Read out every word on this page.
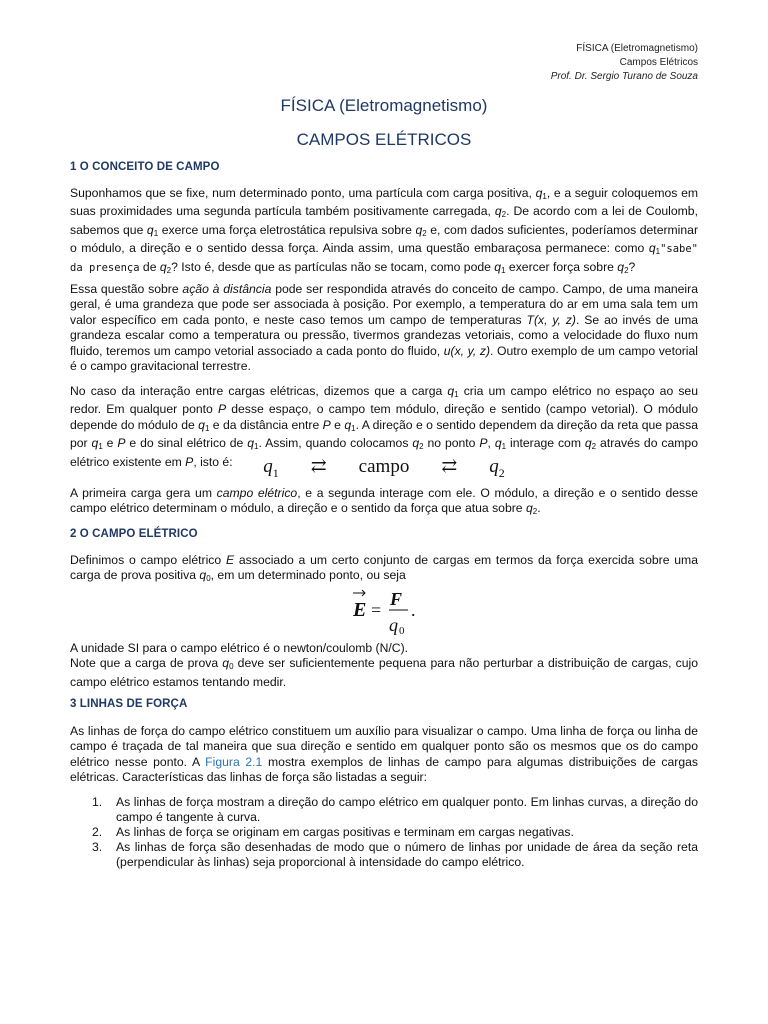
FÍSICA (Eletromagnetismo)
Campos Elétricos
Prof. Dr. Sergio Turano de Souza
FÍSICA (Eletromagnetismo)
CAMPOS ELÉTRICOS
1 O CONCEITO DE CAMPO
Suponhamos que se fixe, num determinado ponto, uma partícula com carga positiva, $q_1$, e a seguir coloquemos em suas proximidades uma segunda partícula também positivamente carregada, $q_2$. De acordo com a lei de Coulomb, sabemos que $q_1$ exerce uma força eletrostática repulsiva sobre $q_2$ e, com dados suficientes, poderíamos determinar o módulo, a direção e o sentido dessa força. Ainda assim, uma questão embaraçosa permanece: como $q_1"sabe$" da presença de $q_2$? Isto é, desde que as partículas não se tocam, como pode $q_1$ exercer força sobre $q_2$?
Essa questão sobre ação à distância pode ser respondida através do conceito de campo. Campo, de uma maneira geral, é uma grandeza que pode ser associada à posição. Por exemplo, a temperatura do ar em uma sala tem um valor específico em cada ponto, e neste caso temos um campo de temperaturas T(x, y, z). Se ao invés de uma grandeza escalar como a temperatura ou pressão, tivermos grandezas vetoriais, como a velocidade do fluxo num fluido, teremos um campo vetorial associado a cada ponto do fluido, u(x, y, z). Outro exemplo de um campo vetorial é o campo gravitacional terrestre.
No caso da interação entre cargas elétricas, dizemos que a carga $q_1$ cria um campo elétrico no espaço ao seu redor. Em qualquer ponto P desse espaço, o campo tem módulo, direção e sentido (campo vetorial). O módulo depende do módulo de $q_1$ e da distância entre P e $q_1$. A direção e o sentido dependem da direção da reta que passa por $q_1$ e P e do sinal elétrico de $q_1$. Assim, quando colocamos $q_2$ no ponto P, $q_1$ interage com $q_2$ através do campo elétrico existente em P, isto é:	$q_1$ ⇄ campo ⇄ $q_2$
A primeira carga gera um campo elétrico, e a segunda interage com ele. O módulo, a direção e o sentido desse campo elétrico determinam o módulo, a direção e o sentido da força que atua sobre $q_2$.
2 O CAMPO ELÉTRICO
Definimos o campo elétrico E associado a um certo conjunto de cargas em termos da força exercida sobre uma carga de prova positiva $q_0$, em um determinado ponto, ou seja
E =
F
q 0
.
A unidade SI para o campo elétrico é o newton/coulomb (N/C).
Note que a carga de prova $q_0$ deve ser suficientemente pequena para não perturbar a distribuição de cargas, cujo campo elétrico estamos tentando medir.
3 LINHAS DE FORÇA
As linhas de força do campo elétrico constituem um auxílio para visualizar o campo. Uma linha de força ou linha de campo é traçada de tal maneira que sua direção e sentido em qualquer ponto são os mesmos que os do campo elétrico nesse ponto. A Figura 2.1 mostra exemplos de linhas de campo para algumas distribuições de cargas elétricas. Características das linhas de força são listadas a seguir:
1. As linhas de força mostram a direção do campo elétrico em qualquer ponto. Em linhas curvas, a direção do campo é tangente à curva.
2. As linhas de força se originam em cargas positivas e terminam em cargas negativas.
3. As linhas de força são desenhadas de modo que o número de linhas por unidade de área da seção reta (perpendicular às linhas) seja proporcional à intensidade do campo elétrico.
